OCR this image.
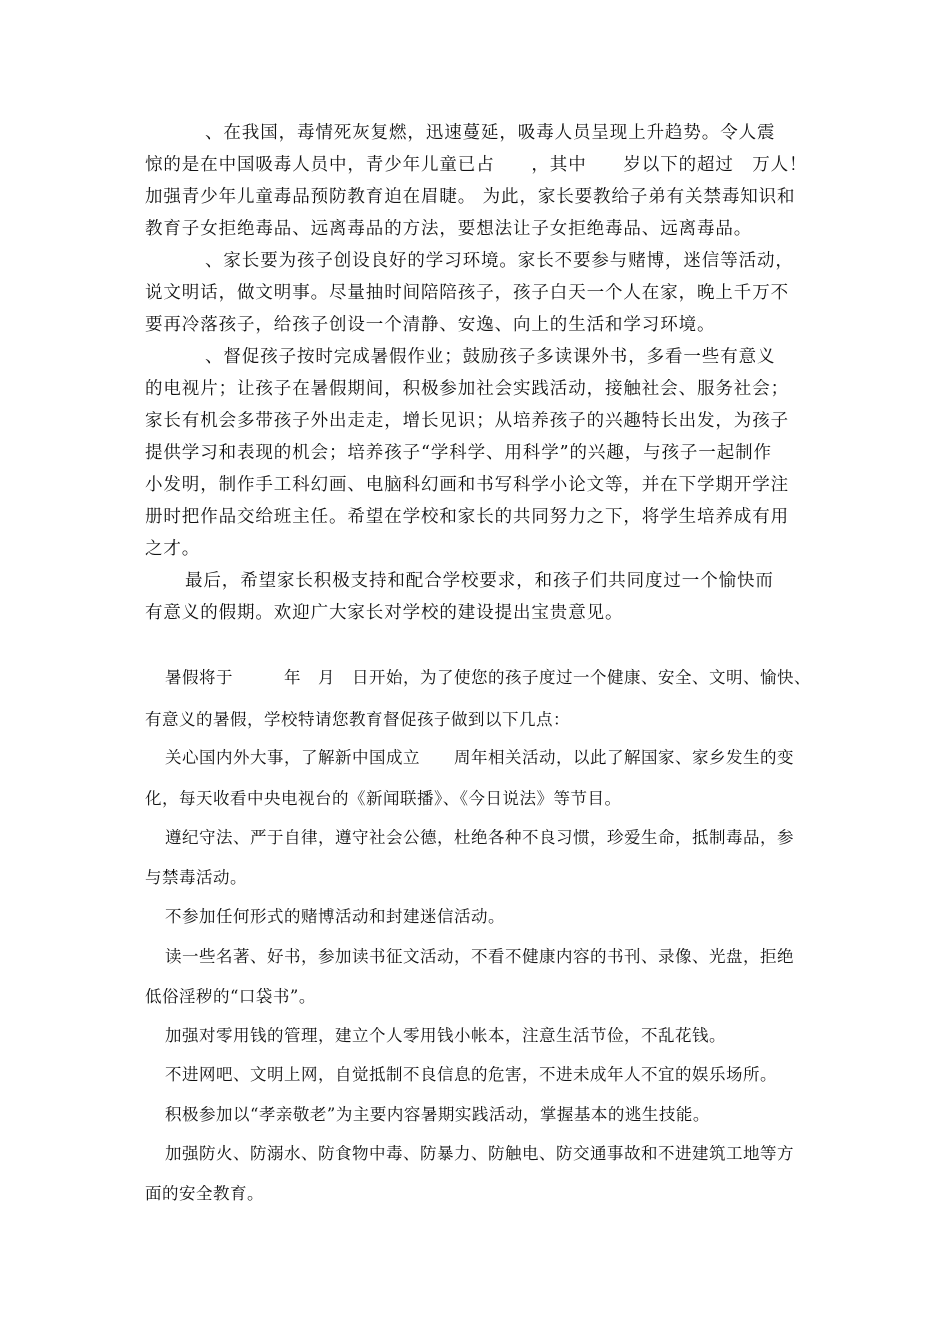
、在我国，毒情死灰复燃，迅速蔓延，吸毒人员呈现上升趋势。令人震

惊的是在中国吸毒人员中，青少年儿童已占　　，其中　　岁以下的超过　万人！

加强青少年儿童毒品预防教育迫在眉睫。 为此，家长要教给子弟有关禁毒知识和

教育子女拒绝毒品、远离毒品的方法，要想法让子女拒绝毒品、远离毒品。

、家长要为孩子创设良好的学习环境。家长不要参与赌博，迷信等活动，

说文明话，做文明事。尽量抽时间陪陪孩子，孩子白天一个人在家，晚上千万不

要再冷落孩子，给孩子创设一个清静、安逸、向上的生活和学习环境。

、督促孩子按时完成暑假作业；鼓励孩子多读课外书，多看一些有意义

的电视片；让孩子在暑假期间，积极参加社会实践活动，接触社会、服务社会；

家长有机会多带孩子外出走走，增长见识；从培养孩子的兴趣特长出发，为孩子

提供学习和表现的机会；培养孩子“学科学、用科学”的兴趣，与孩子一起制作

小发明，制作手工科幻画、电脑科幻画和书写科学小论文等，并在下学期开学注

册时把作品交给班主任。希望在学校和家长的共同努力之下，将学生培养成有用

之才。

最后，希望家长积极支持和配合学校要求，和孩子们共同度过一个愉快而

有意义的假期。欢迎广大家长对学校的建设提出宝贵意见。

暑假将于　　　年　月　日开始，为了使您的孩子度过一个健康、安全、文明、愉快、

有意义的暑假，学校特请您教育督促孩子做到以下几点：

关心国内外大事，了解新中国成立　　周年相关活动，以此了解国家、家乡发生的变

化，每天收看中央电视台的《新闻联播》、《今日说法》等节目。

遵纪守法、严于自律，遵守社会公德，杜绝各种不良习惯，珍爱生命，抵制毒品，参

与禁毒活动。

不参加任何形式的赌博活动和封建迷信活动。

读一些名著、好书，参加读书征文活动，不看不健康内容的书刊、录像、光盘，拒绝

低俗淫秽的“口袋书”。

加强对零用钱的管理，建立个人零用钱小帐本，注意生活节俭，不乱花钱。

不进网吧、文明上网，自觉抵制不良信息的危害，不进未成年人不宜的娱乐场所。

积极参加以“孝亲敬老”为主要内容暑期实践活动，掌握基本的逃生技能。

加强防火、防溺水、防食物中毒、防暴力、防触电、防交通事故和不进建筑工地等方

面的安全教育。
